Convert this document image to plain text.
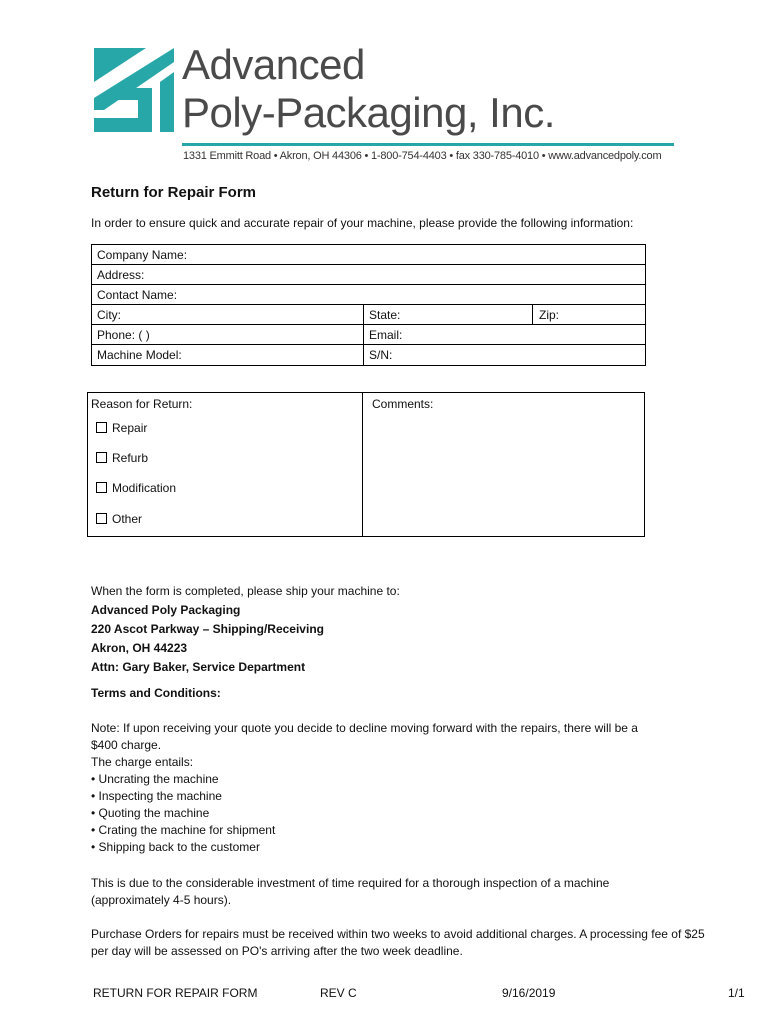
Advanced
Poly-Packaging, Inc.
1331 Emmitt Road • Akron, OH 44306 • 1-800-754-4403 • fax 330-785-4010 • www.advancedpoly.com
Return for Repair Form
In order to ensure quick and accurate repair of your machine, please provide the following information:
Company Name:
Address:
Contact Name:
City:	State:	Zip:
Phone: ( )	Email:
Machine Model:	S/N:
Reason for Return:
Repair
Refurb
Modification
Other
Comments:
When the form is completed, please ship your machine to:
Advanced Poly Packaging
220 Ascot Parkway – Shipping/Receiving
Akron, OH 44223
Attn: Gary Baker, Service Department
Terms and Conditions:
Note: If upon receiving your quote you decide to decline moving forward with the repairs, there will be a
$400 charge.
The charge entails:
• Uncrating the machine
• Inspecting the machine
• Quoting the machine
• Crating the machine for shipment
• Shipping back to the customer
This is due to the considerable investment of time required for a thorough inspection of a machine
(approximately 4-5 hours).
Purchase Orders for repairs must be received within two weeks to avoid additional charges. A processing fee of $25
per day will be assessed on PO's arriving after the two week deadline.
RETURN FOR REPAIR FORM	REV C	9/16/2019	1/1
